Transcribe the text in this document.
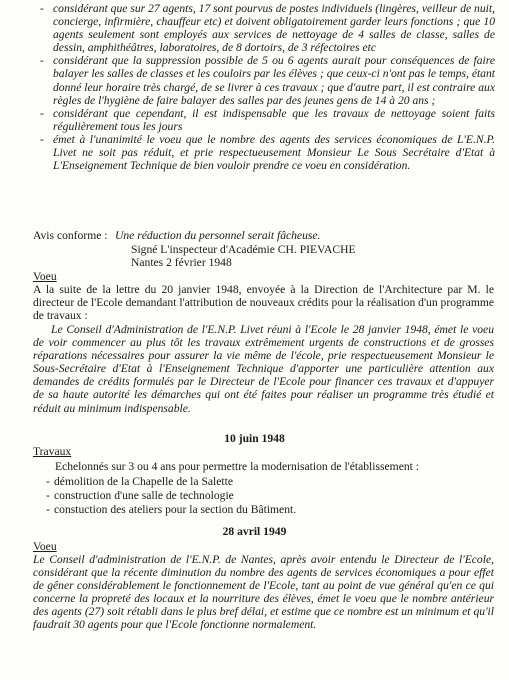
- considérant que sur 27 agents, 17 sont pourvus de postes individuels (lingères, veilleur de nuit, concierge, infirmière, chauffeur etc) et doivent obligatoirement garder leurs fonctions ; que 10 agents seulement sont employés aux services de nettoyage de 4 salles de classe, salles de dessin, amphithéâtres, laboratoires, de 8 dortoirs, de 3 réfectoires etc
- considérant que la suppression possible de 5 ou 6 agents aurait pour conséquences de faire balayer les salles de classes et les couloirs par les élèves ; que ceux-ci n'ont pas le temps, étant donné leur horaire très chargé, de se livrer à ces travaux ; que d'autre part, il est contraire aux règles de l'hygiène de faire balayer des salles par des jeunes gens de 14 à 20 ans ;
- considérant que cependant, il est indispensable que les travaux de nettoyage soient faits régulièrement tous les jours
- émet à l'unanimité le voeu que le nombre des agents des services économiques de L'E.N.P. Livet ne soit pas réduit, et prie respectueusement Monsieur Le Sous Secrétaire d'Etat à L'Enseignement Technique de bien vouloir prendre ce voeu en considération.
Avis conforme : Une réduction du personnel serait fâcheuse.
Signé L'inspecteur d'Académie CH. PIEVACHE
Nantes 2 février 1948
Voeu
A la suite de la lettre du 20 janvier 1948, envoyée à la Direction de l'Architecture par M. le directeur de l'Ecole demandant l'attribution de nouveaux crédits pour la réalisation d'un programme de travaux :
Le Conseil d'Administration de l'E.N.P. Livet réuni à l'Ecole le 28 janvier 1948, émet le voeu de voir commencer au plus tôt les travaux extrêmement urgents de constructions et de grosses réparations nécessaires pour assurer la vie même de l'école, prie respectueusement Monsieur le Sous-Secrétaire d'Etat à l'Enseignement Technique d'apporter une particulière attention aux demandes de crédits formulés par le Directeur de l'Ecole pour financer ces travaux et d'appuyer de sa haute autorité les démarches qui ont été faites pour réaliser un programme très étudié et réduit au minimum indispensable.
10 juin 1948
Travaux
Echelonnés sur 3 ou 4 ans pour permettre la modernisation de l'établissement :
- démolition de la Chapelle de la Salette
- construction d'une salle de technologie
- constuction des ateliers pour la section du Bâtiment.
28 avril 1949
Voeu
Le Conseil d'administration de l'E.N.P. de Nantes, après avoir entendu le Directeur de l'Ecole, considérant que la récente diminution du nombre des agents de services économiques a pour effet de gêner considérablement le fonctionnement de l'Ecole, tant au point de vue général qu'en ce qui concerne la propreté des locaux et la nourriture des élèves, émet le voeu que le nombre antérieur des agents (27) soit rétabli dans le plus bref délai, et estime que ce nombre est un minimum et qu'il faudrait 30 agents pour que l'Ecole fonctionne normalement.
